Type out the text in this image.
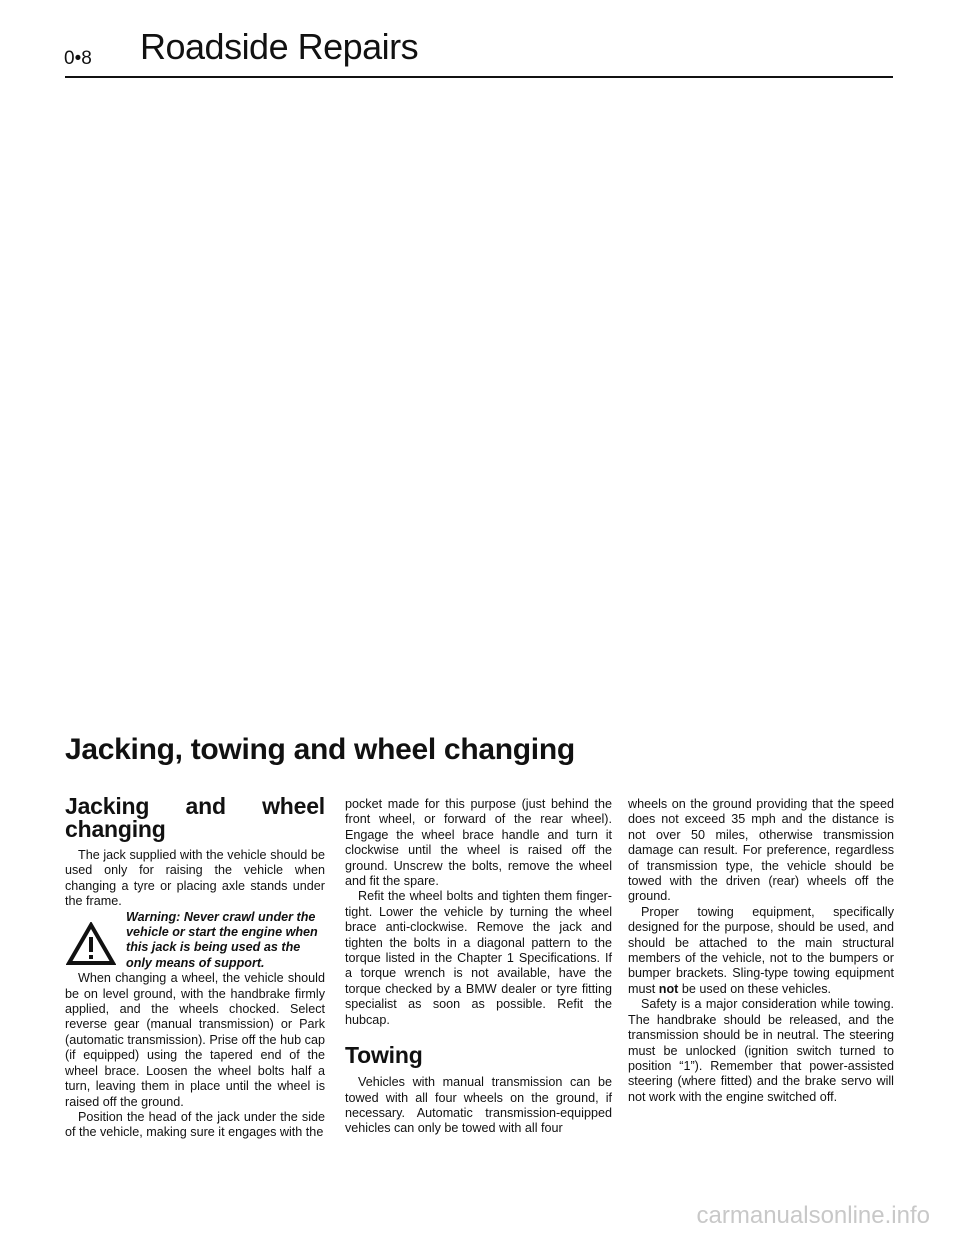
0•8 Roadside Repairs
Jacking, towing and wheel changing
Jacking and wheel changing

The jack supplied with the vehicle should be used only for raising the vehicle when changing a tyre or placing axle stands under the frame.

Warning: Never crawl under the vehicle or start the engine when this jack is being used as the only means of support.

When changing a wheel, the vehicle should be on level ground, with the handbrake firmly applied, and the wheels chocked. Select reverse gear (manual transmission) or Park (automatic transmission). Prise off the hub cap (if equipped) using the tapered end of the wheel brace. Loosen the wheel bolts half a turn, leaving them in place until the wheel is raised off the ground.

Position the head of the jack under the side of the vehicle, making sure it engages with the

pocket made for this purpose (just behind the front wheel, or forward of the rear wheel). Engage the wheel brace handle and turn it clockwise until the wheel is raised off the ground. Unscrew the bolts, remove the wheel and fit the spare.

Refit the wheel bolts and tighten them finger-tight. Lower the vehicle by turning the wheel brace anti-clockwise. Remove the jack and tighten the bolts in a diagonal pattern to the torque listed in the Chapter 1 Specifications. If a torque wrench is not available, have the torque checked by a BMW dealer or tyre fitting specialist as soon as possible. Refit the hubcap.

Towing

Vehicles with manual transmission can be towed with all four wheels on the ground, if necessary. Automatic transmission-equipped vehicles can only be towed with all four

wheels on the ground providing that the speed does not exceed 35 mph and the distance is not over 50 miles, otherwise transmission damage can result. For preference, regardless of transmission type, the vehicle should be towed with the driven (rear) wheels off the ground.

Proper towing equipment, specifically designed for the purpose, should be used, and should be attached to the main structural members of the vehicle, not to the bumpers or bumper brackets. Sling-type towing equipment must not be used on these vehicles.

Safety is a major consideration while towing. The handbrake should be released, and the transmission should be in neutral. The steering must be unlocked (ignition switch turned to position “1”). Remember that power-assisted steering (where fitted) and the brake servo will not work with the engine switched off.

carmanualsonline.info
